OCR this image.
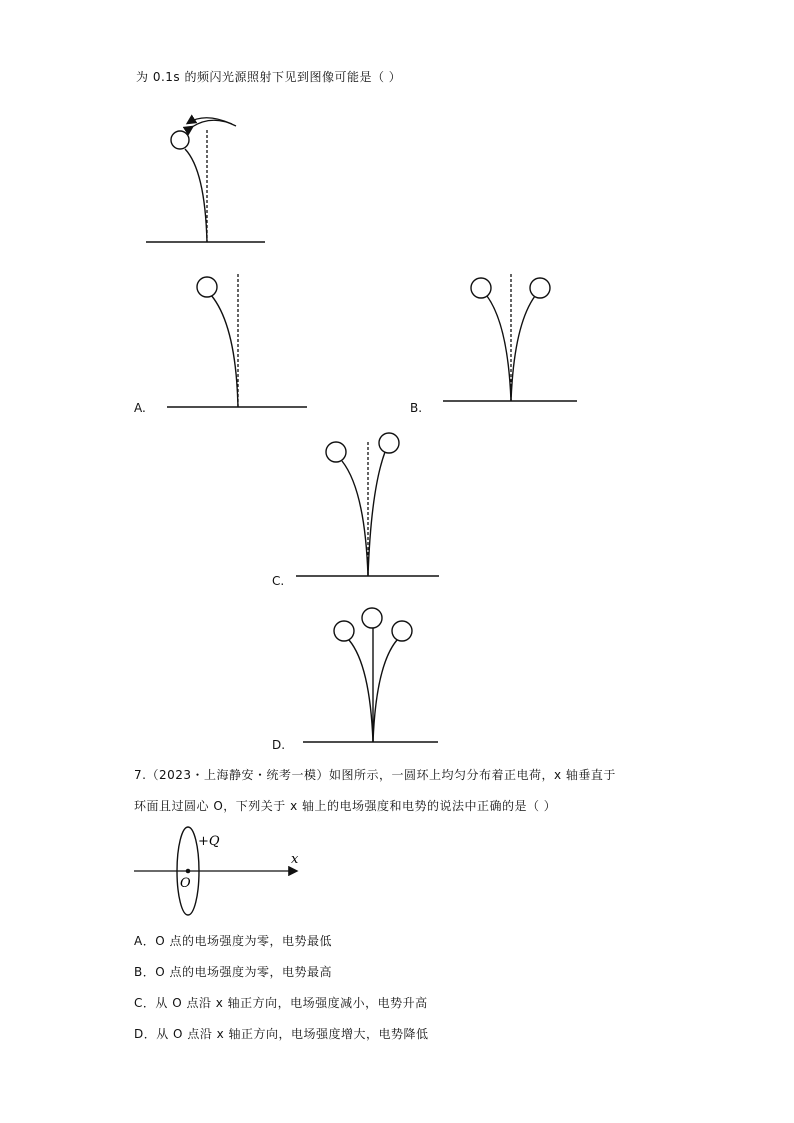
为 0.1s 的频闪光源照射下见到图像可能是（ ）
+Q
x
O
A.	B.
C.
D.
7.（2023・上海静安・统考一模）如图所示，一圆环上均匀分布着正电荷，x 轴垂直于
环面且过圆心 O，下列关于 x 轴上的电场强度和电势的说法中正确的是（ ）
A．O 点的电场强度为零，电势最低
B．O 点的电场强度为零，电势最高
C．从 O 点沿 x 轴正方向，电场强度减小，电势升高
D．从 O 点沿 x 轴正方向，电场强度增大，电势降低
